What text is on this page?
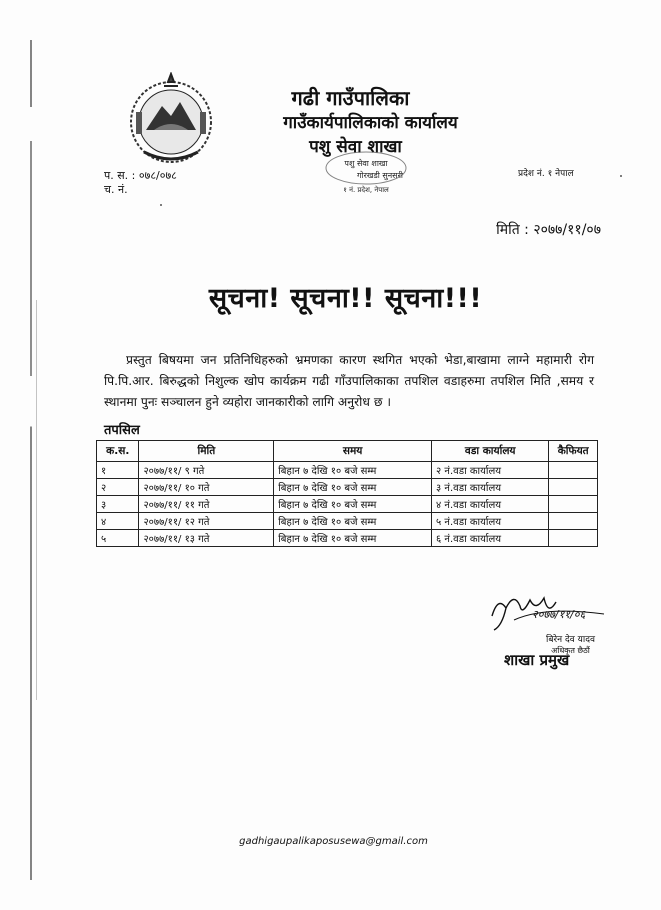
गढी गाउँपालिका
गाउँकार्यपालिकाको कार्यालय
पशु सेवा शाखा
पशु सेवा शाखा
गोरखडी सुनसरी
१ नं. प्रदेश, नेपाल
प. स. : ०७८/०७८
च. नं.
प्रदेश नं. १ नेपाल
मिति : २०७७/११/०७
सूचना! सूचना!! सूचना!!!
प्रस्तुत बिषयमा जन प्रतिनिधिहरुको भ्रमणका कारण स्थगित भएको भेडा,बाखामा लाग्ने महामारी रोग पि.पि.आर. बिरुद्धको निशुल्क खोप कार्यक्रम गढी गाँउपालिकाका तपशिल वडाहरुमा तपशिल मिति ,समय र स्थानमा पुनः सञ्चालन हुने व्यहोरा जानकारीको लागि अनुरोध छ ।
तपसिल
क.स.	मिति	समय	वडा कार्यालय	कैफियत
१	२०७७/११/ ९ गते	बिहान ७ देखि १० बजे सम्म	२ नं.वडा कार्यालय	
२	२०७७/११/ १० गते	बिहान ७ देखि १० बजे सम्म	३ नं.वडा कार्यालय	
३	२०७७/११/ ११ गते	बिहान ७ देखि १० बजे सम्म	४ नं.वडा कार्यालय	
४	२०७७/११/ १२ गते	बिहान ७ देखि १० बजे सम्म	५ नं.वडा कार्यालय	
५	२०७७/११/ १३ गते	बिहान ७ देखि १० बजे सम्म	६ नं.वडा कार्यालय	
२०७७/११/०६
बिरेन देव यादव
अधिकृत छैठौं
शाखा प्रमुख
gadhigaupalikaposusewa@gmail.com
